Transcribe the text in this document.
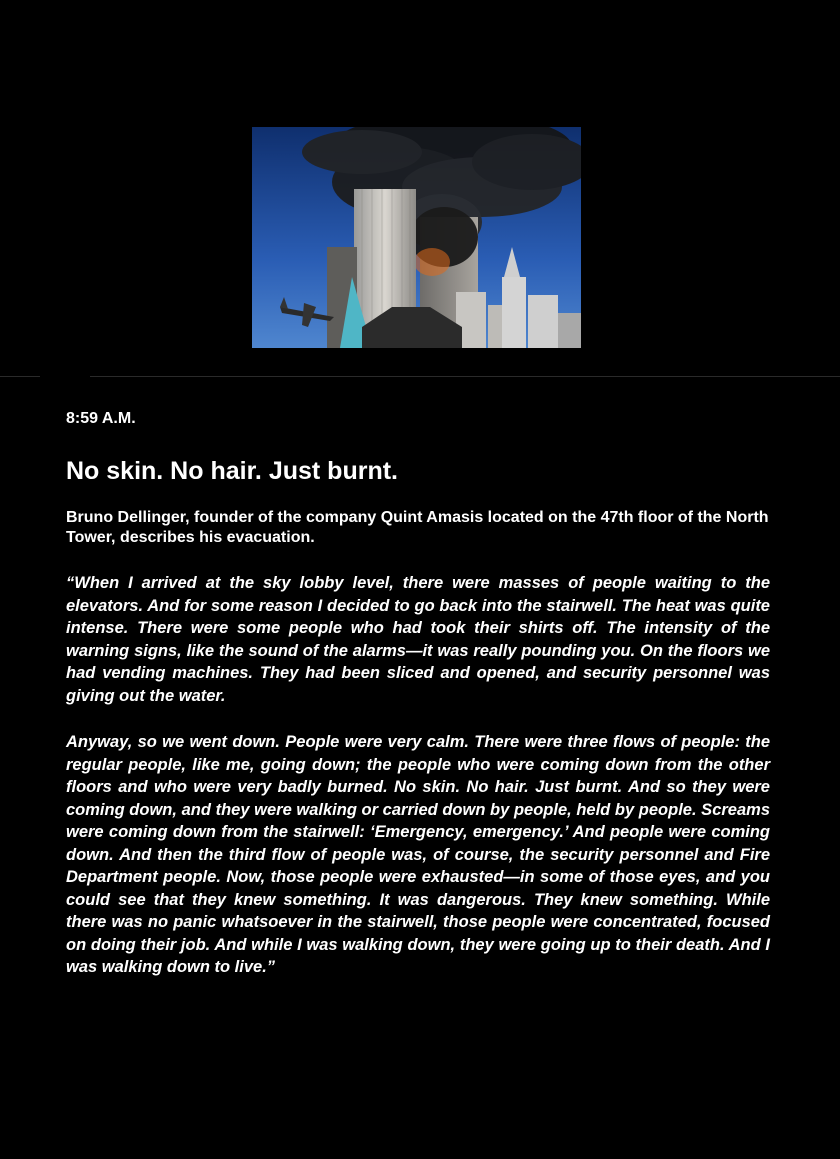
8:59 A.M.

No skin. No hair. Just burnt.

Bruno Dellinger, founder of the company Quint Amasis located on the 47th floor of the North Tower, describes his evacuation.

“When I arrived at the sky lobby level, there were masses of people waiting to the elevators. And for some reason I decided to go back into the stairwell. The heat was quite intense. There were some people who had took their shirts off. The intensity of the warning signs, like the sound of the alarms—it was really pounding you. On the floors we had vending machines. They had been sliced and opened, and security personnel was giving out the water.

Anyway, so we went down. People were very calm. There were three flows of people: the regular people, like me, going down; the people who were coming down from the other floors and who were very badly burned. No skin. No hair. Just burnt. And so they were coming down, and they were walking or carried down by people, held by people. Screams were coming down from the stairwell: ‘Emergency, emergency.’ And people were coming down. And then the third flow of people was, of course, the security personnel and Fire Department people. Now, those people were exhausted—in some of those eyes, and you could see that they knew something. It was dangerous. They knew something. While there was no panic whatsoever in the stairwell, those people were concentrated, focused on doing their job. And while I was walking down, they were going up to their death. And I was walking down to live.”
